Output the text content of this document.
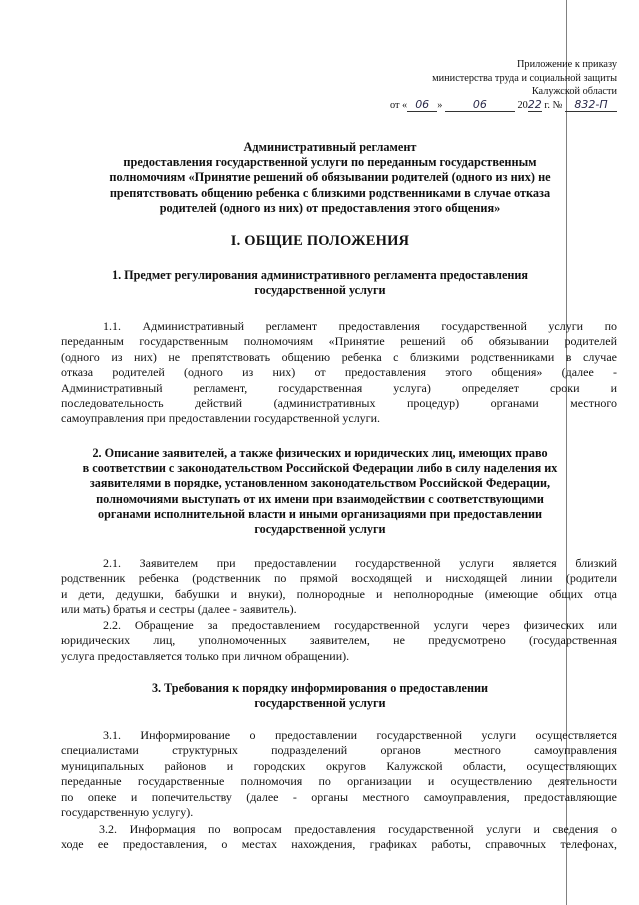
Приложение к приказу
министерства труда и социальной защиты
Калужской области
от « 06 »	06	2022 г. № 832-П
Административный регламент
предоставления государственной услуги по переданным государственным
полномочиям «Принятие решений об обязывании родителей (одного из них) не
препятствовать общению ребенка с близкими родственниками в случае отказа
родителей (одного из них) от предоставления этого общения»
I. ОБЩИЕ ПОЛОЖЕНИЯ
1. Предмет регулирования административного регламента предоставления
государственной услуги
1.1. Административный регламент предоставления государственной услуги по
переданным государственным полномочиям «Принятие решений об обязывании родителей
(одного из них) не препятствовать общению ребенка с близкими родственниками в случае
отказа родителей (одного из них) от предоставления этого общения» (далее -
Административный регламент, государственная услуга) определяет сроки и
последовательность действий (административных процедур) органами местного
самоуправления при предоставлении государственной услуги.
2. Описание заявителей, а также физических и юридических лиц, имеющих право
в соответствии с законодательством Российской Федерации либо в силу наделения их
заявителями в порядке, установленном законодательством Российской Федерации,
полномочиями выступать от их имени при взаимодействии с соответствующими
органами исполнительной власти и иными организациями при предоставлении
государственной услуги
2.1. Заявителем при предоставлении государственной услуги является близкий
родственник ребенка (родственник по прямой восходящей и нисходящей линии (родители
и дети, дедушки, бабушки и внуки), полнородные и неполнородные (имеющие общих отца
или мать) братья и сестры (далее - заявитель).
2.2. Обращение за предоставлением государственной услуги через физических или
юридических лиц, уполномоченных заявителем, не предусмотрено (государственная
услуга предоставляется только при личном обращении).
3. Требования к порядку информирования о предоставлении
государственной услуги
3.1. Информирование о предоставлении государственной услуги осуществляется
специалистами структурных подразделений органов местного самоуправления
муниципальных районов и городских округов Калужской области, осуществляющих
переданные государственные полномочия по организации и осуществлению деятельности
по опеке и попечительству (далее - органы местного самоуправления, предоставляющие
государственную услугу).
3.2. Информация по вопросам предоставления государственной услуги и сведения о
ходе ее предоставления, о местах нахождения, графиках работы, справочных телефонах,
